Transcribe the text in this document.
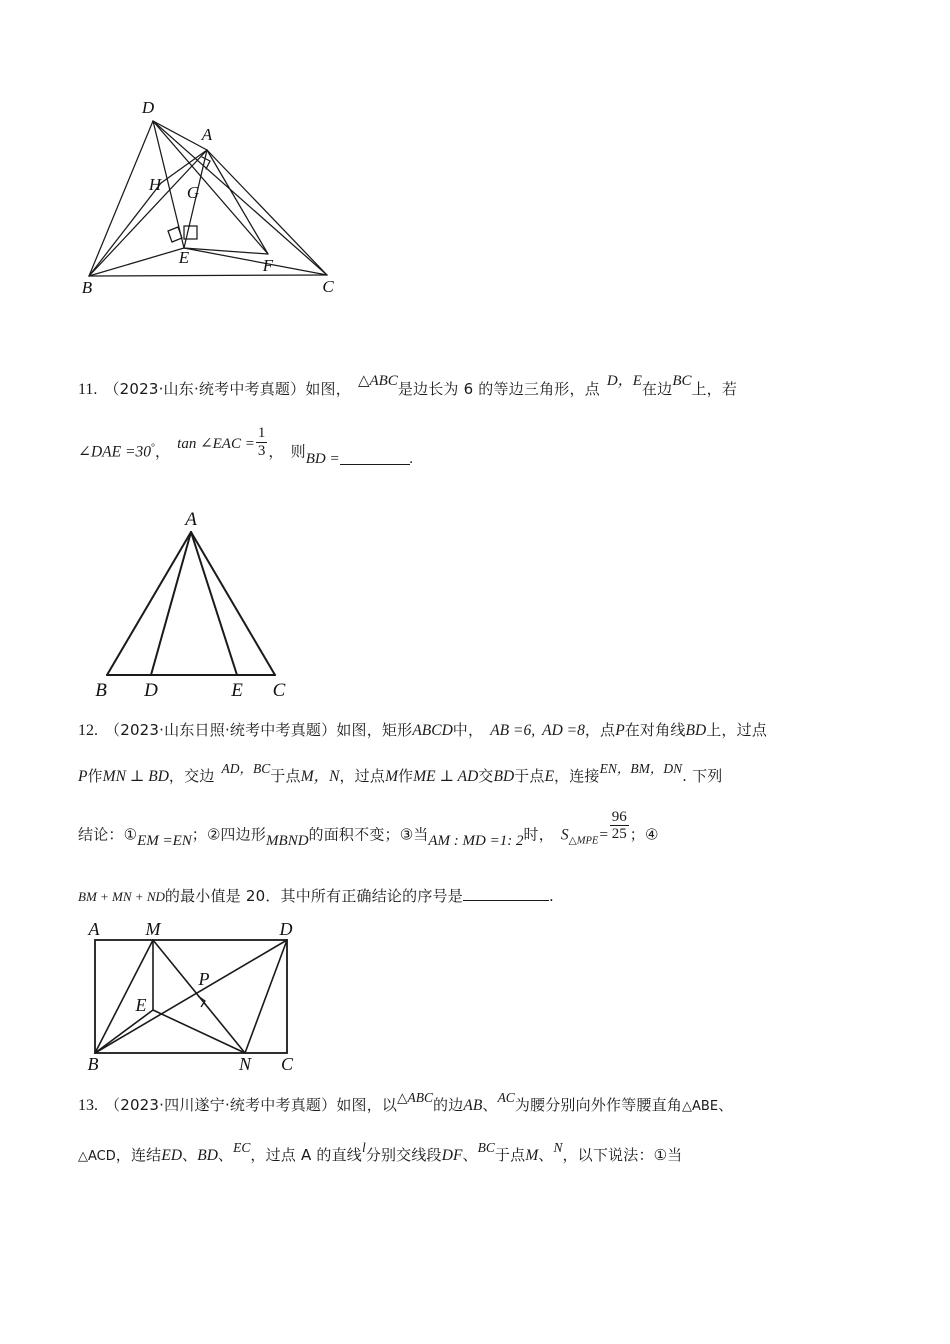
D
A
H G
E	F
B	C
11. （2023·山东·统考中考真题）如图， △ABC是边长为 6 的等边三角形，点 D，E在边BC上，若
∠DAE =30°， tan ∠EAC = $\frac{1}{3}$ ， 则BD =	.
A
B D	E C
12. （2023·山东日照·统考中考真题）如图，矩形ABCD中， AB =6, AD =8，点P在对角线BD上，过点
P作MN ⊥ BD，交边 AD，BC于点M，N，过点M作ME ⊥ AD交BD于点E，连接EN，BM，DN. 下列
结论：①EM =EN；②四边形MBND的面积不变；③当AM : MD =1: 2时， $S_{\triangle MPE}= \frac{96}{25}$ ；④
BM + MN + ND的最小值是 20．其中所有正确结论的序号是	.
A	M	D
P
E
B	N C
13. （2023·四川遂宁·统考中考真题）如图，以△ABC的边AB、AC为腰分别向外作等腰直角△ABE、
△ACD，连结ED、BD、EC，过点 A 的直线l分别交线段DF、BC于点M、N，以下说法：①当
